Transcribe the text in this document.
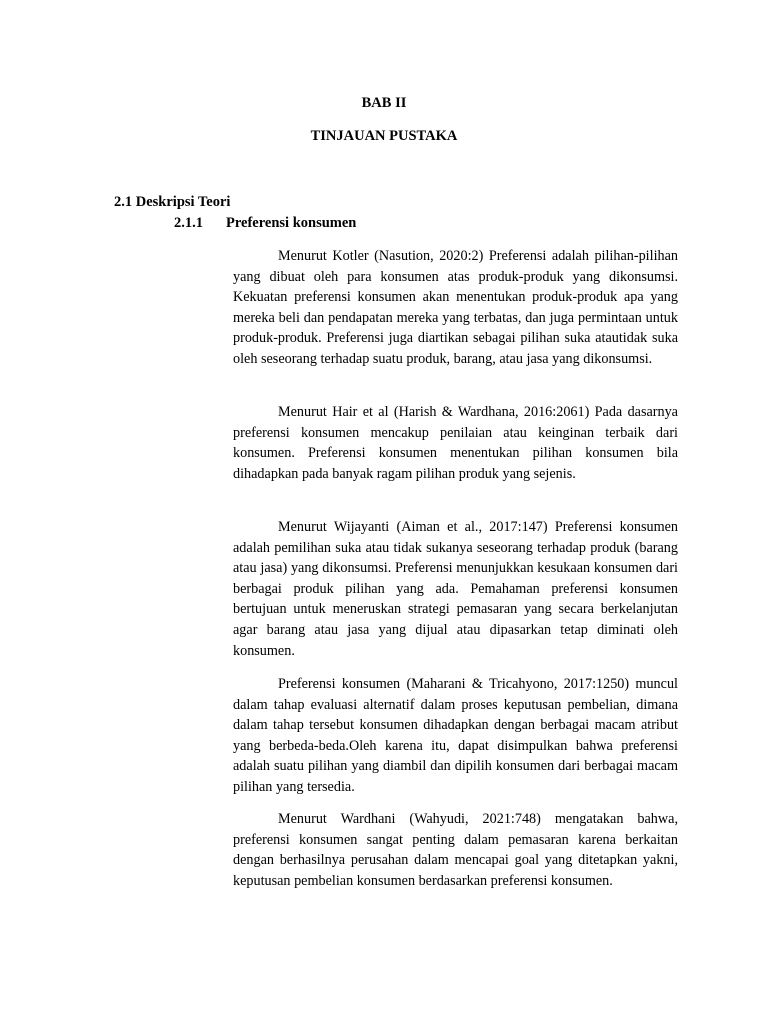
BAB II
TINJAUAN PUSTAKA
2.1 Deskripsi Teori
2.1.1 Preferensi konsumen

Menurut Kotler (Nasution, 2020:2) Preferensi adalah pilihan-pilihan yang dibuat oleh para konsumen atas produk-produk yang dikonsumsi. Kekuatan preferensi konsumen akan menentukan produk-produk apa yang mereka beli dan pendapatan mereka yang terbatas, dan juga permintaan untuk produk-produk. Preferensi juga diartikan sebagai pilihan suka atautidak suka oleh seseorang terhadap suatu produk, barang, atau jasa yang dikonsumsi.

Menurut Hair et al (Harish & Wardhana, 2016:2061) Pada dasarnya preferensi konsumen mencakup penilaian atau keinginan terbaik dari konsumen. Preferensi konsumen menentukan pilihan konsumen bila dihadapkan pada banyak ragam pilihan produk yang sejenis.

Menurut Wijayanti (Aiman et al., 2017:147) Preferensi konsumen adalah pemilihan suka atau tidak sukanya seseorang terhadap produk (barang atau jasa) yang dikonsumsi. Preferensi menunjukkan kesukaan konsumen dari berbagai produk pilihan yang ada. Pemahaman preferensi konsumen bertujuan untuk meneruskan strategi pemasaran yang secara berkelanjutan agar barang atau jasa yang dijual atau dipasarkan tetap diminati oleh konsumen.

Preferensi konsumen (Maharani & Tricahyono, 2017:1250) muncul dalam tahap evaluasi alternatif dalam proses keputusan pembelian, dimana dalam tahap tersebut konsumen dihadapkan dengan berbagai macam atribut yang berbeda-beda.Oleh karena itu, dapat disimpulkan bahwa preferensi adalah suatu pilihan yang diambil dan dipilih konsumen dari berbagai macam pilihan yang tersedia.

Menurut Wardhani (Wahyudi, 2021:748) mengatakan bahwa, preferensi konsumen sangat penting dalam pemasaran karena berkaitan dengan berhasilnya perusahan dalam mencapai goal yang ditetapkan yakni, keputusan pembelian konsumen berdasarkan preferensi konsumen.
